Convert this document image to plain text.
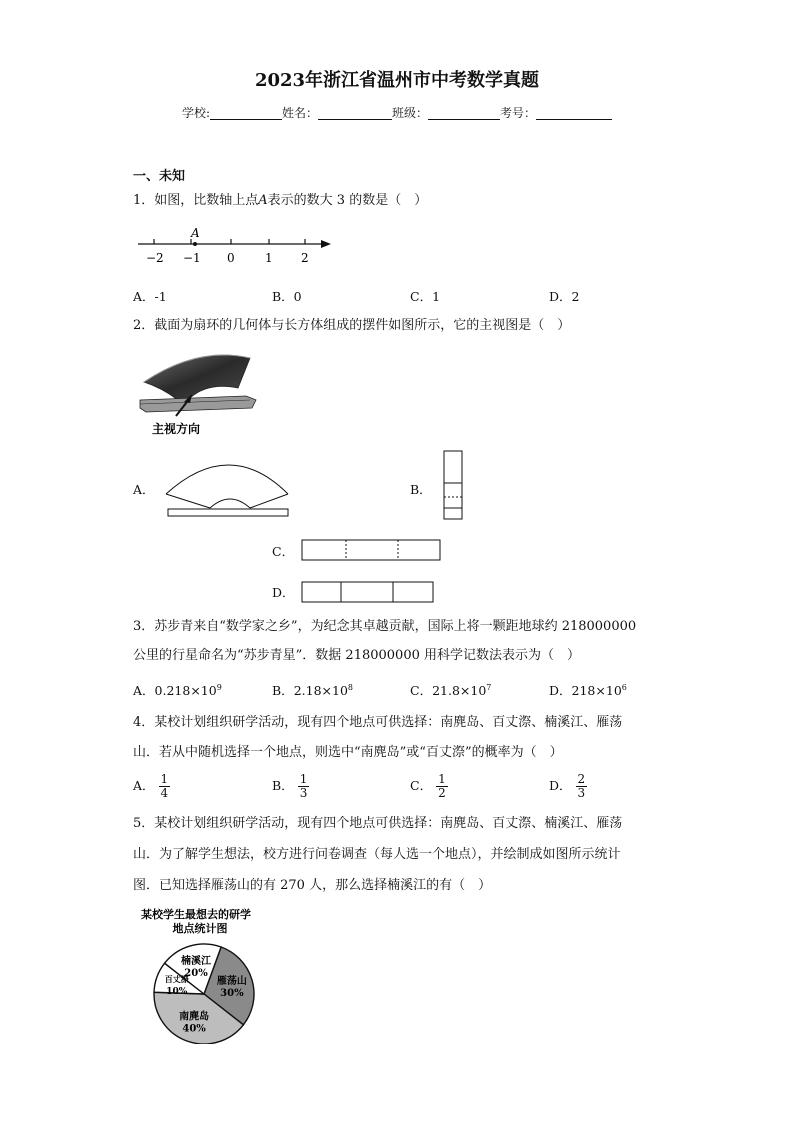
2023年浙江省温州市中考数学真题
学校:	姓名：	班级：	考号：
一、未知
1．如图，比数轴上点A表示的数大 3 的数是（　）
A
−2 −1 0	1 2
A．-1	B．0	C．1	D．2
2．截面为扇环的几何体与长方体组成的摆件如图所示，它的主视图是（　）
主视方向
A．	B．
C．
D．
3．苏步青来自“数学家之乡”，为纪念其卓越贡献，国际上将一颗距地球约 218000000
公里的行星命名为“苏步青星”．数据 218000000 用科学记数法表示为（　）
A．$0.218\times 10^9$	B．$2.18\times 10^8$	C．$21.8\times 10^7$	D．$218\times 10^6$
4．某校计划组织研学活动，现有四个地点可供选择：南麂岛、百丈漈、楠溪江、雁荡
山．若从中随机选择一个地点，则选中“南麂岛”或“百丈漈”的概率为（　）
A． $\frac{1}{4}$	B． $\frac{1}{3}$	C． $\frac{1}{2}$	D． $\frac{2}{3}$
5．某校计划组织研学活动，现有四个地点可供选择：南麂岛、百丈漈、楠溪江、雁荡
山．为了解学生想法，校方进行问卷调查（每人选一个地点），并绘制成如图所示统计
图．已知选择雁荡山的有 270 人，那么选择楠溪江的有（　）
某校学生最想去的研学
地点统计图
雁荡山
30%
南麂岛
40%
百丈漈
10%
楠溪江
20%
